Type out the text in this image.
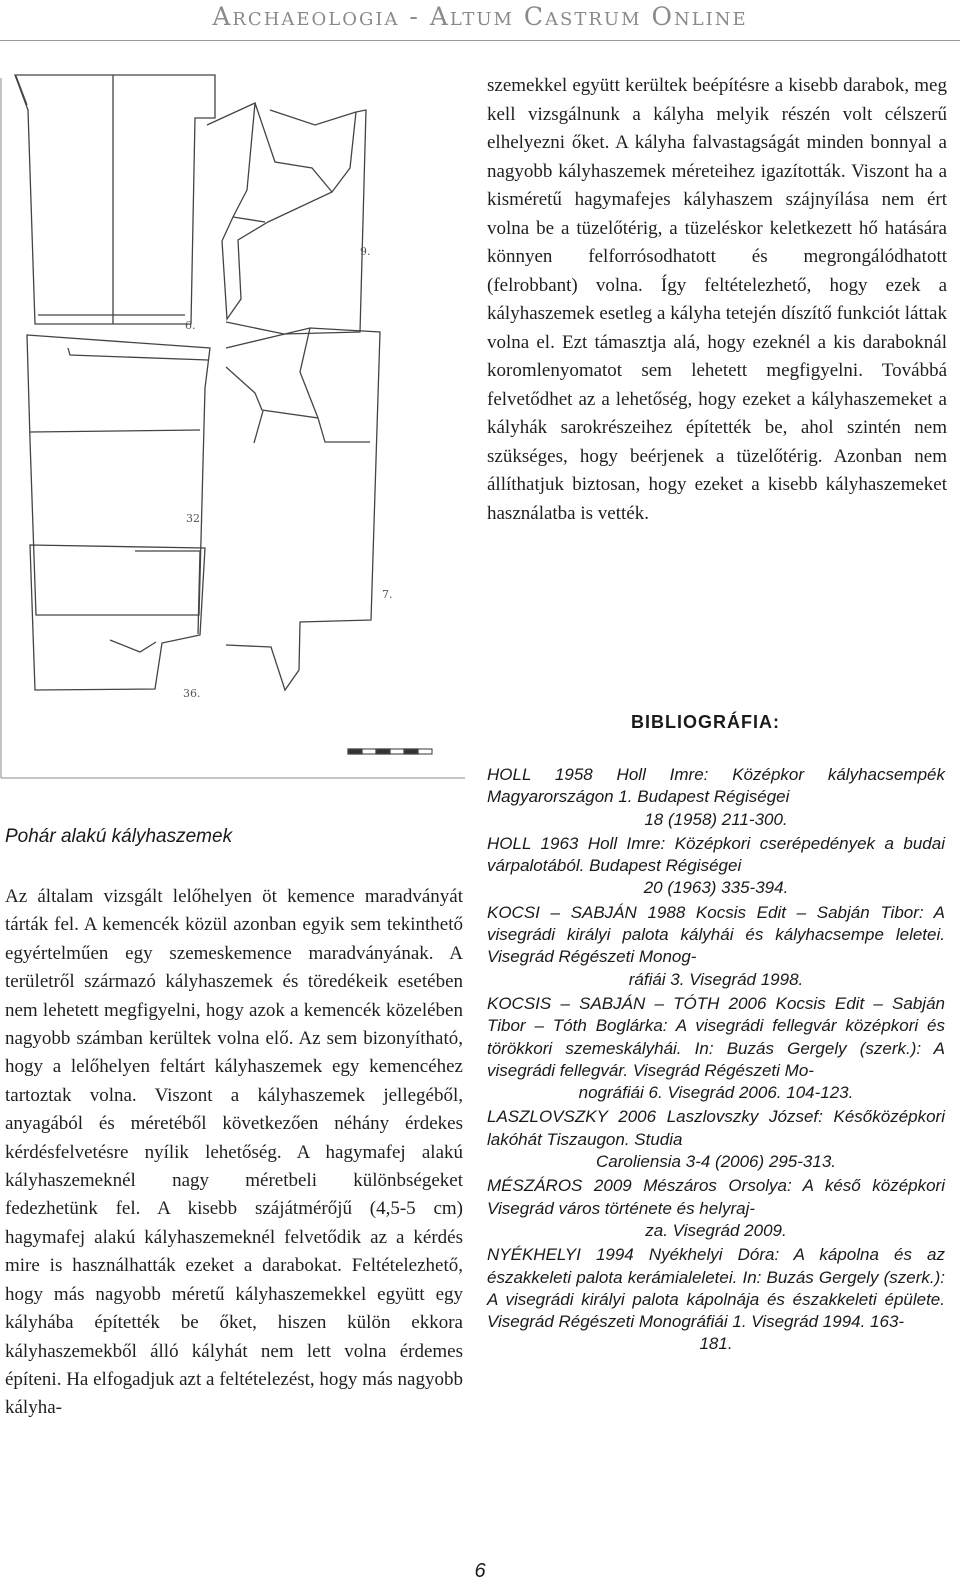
Archaeologia - Altum Castrum Online
6.
9.
32.
7.
36.
Pohár alakú kályhaszemek

szemekkel együtt kerültek beépítésre a kisebb darabok, meg kell vizsgálnunk a kályha melyik részén volt célszerű elhelyezni őket. A kályha falvastagságát minden bonnyal a nagyobb kályhaszemek méreteihez igazították. Viszont ha a kisméretű hagymafejes kályhaszem szájnyílása nem ért volna be a tüzelőtérig, a tüzeléskor keletkezett hő hatására könnyen felforrósodhatott és megrongálódhatott (felrobbant) volna. Így feltételezhető, hogy ezek a kályhaszemek esetleg a kályha tetején díszítő funkciót láttak volna el. Ezt támasztja alá, hogy ezeknél a kis daraboknál koromlenyomatot sem lehetett megfigyelni. Továbbá felvetődhet az a lehetőség, hogy ezeket a kályhaszemeket a kályhák sarokrészeihez építették be, ahol szintén nem szükséges, hogy beérjenek a tüzelőtérig. Azonban nem állíthatjuk biztosan, hogy ezeket a kisebb kályhaszemeket használatba is vették.

Az általam vizsgált lelőhelyen öt kemence maradványát tárták fel. A kemencék közül azonban egyik sem tekinthető egyértelműen egy szemeskemence maradványának. A területről származó kályhaszemek és töredékeik esetében nem lehetett megfigyelni, hogy azok a kemencék közelében nagyobb számban kerültek volna elő. Az sem bizonyítható, hogy a lelőhelyen feltárt kályhaszemek egy kemencéhez tartoztak volna. Viszont a kályhaszemek jellegéből, anyagából és méretéből következően néhány érdekes kérdésfelvetésre nyílik lehetőség. A hagymafej alakú kályhaszemeknél nagy méretbeli különbségeket fedezhetünk fel. A kisebb szájátmérőjű (4,5-5 cm) hagymafej alakú kályhaszemeknél felvetődik az a kérdés mire is használhatták ezeket a darabokat. Feltételezhető, hogy más nagyobb méretű kályhaszemekkel együtt egy kályhába építették be őket, hiszen külön ekkora kályhaszemekből álló kályhát nem lett volna érdemes építeni. Ha elfogadjuk azt a feltételezést, hogy más nagyobb kályha-

BIBLIOGRÁFIA:
HOLL 1958 Holl Imre: Középkor kályhacsempék Magyarországon 1. Budapest Régiségei
18 (1958) 211-300.
HOLL 1963 Holl Imre: Középkori cserépedények a budai várpalotából. Budapest Régiségei
20 (1963) 335-394.
KOCSI – SABJÁN 1988 Kocsis Edit – Sabján Tibor: A visegrádi királyi palota kályhái és kályhacsempe leletei. Visegrád Régészeti Monog-
ráfiái 3. Visegrád 1998.
KOCSIS – SABJÁN – TÓTH 2006 Kocsis Edit – Sabján Tibor – Tóth Boglárka: A visegrádi fellegvár középkori és törökkori szemeskályhái. In: Buzás Gergely (szerk.): A visegrádi fellegvár. Visegrád Régészeti Mo-
nográfiái 6. Visegrád 2006. 104-123.
LASZLOVSZKY 2006 Laszlovszky József: Későközépkori lakóhát Tiszaugon. Studia
Caroliensia 3-4 (2006) 295-313.
MÉSZÁROS 2009 Mészáros Orsolya: A késő középkori Visegrád város története és helyraj-
za. Visegrád 2009.
NYÉKHELYI 1994 Nyékhelyi Dóra: A kápolna és az északkeleti palota kerámialeletei. In: Buzás Gergely (szerk.): A visegrádi királyi palota kápolnája és északkeleti épülete. Visegrád Régészeti Monográfiái 1. Visegrád 1994. 163-
181.
6
